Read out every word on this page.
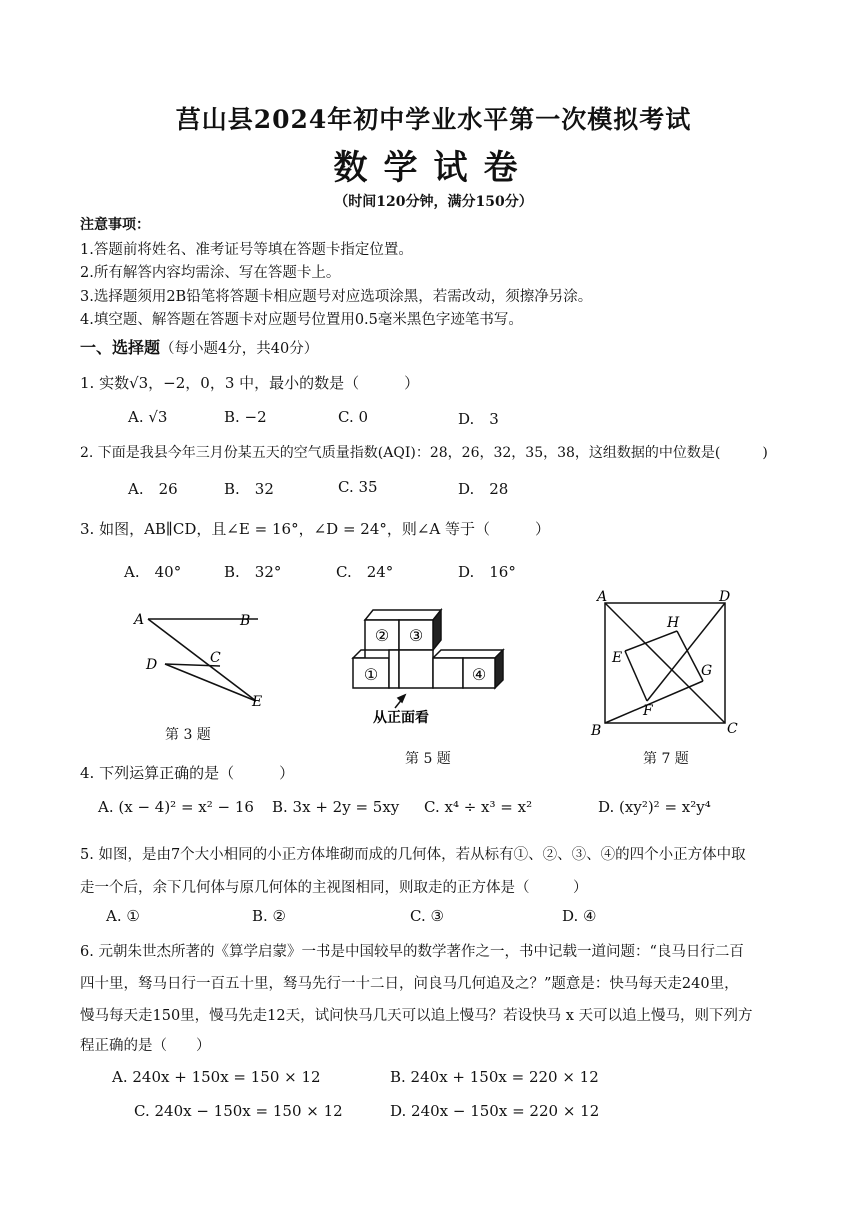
莒山县2024年初中学业水平第一次模拟考试
数学试卷
（时间120分钟，满分150分）
注意事项：
1.答题前将姓名、准考证号等填在答题卡指定位置。
2.所有解答内容均需涂、写在答题卡上。
3.选择题须用2B铅笔将答题卡相应题号对应选项涂黑，若需改动，须擦净另涂。
4.填空题、解答题在答题卡对应题号位置用0.5毫米黑色字迹笔书写。
一、选择题（每小题4分，共40分）
1. 实数√3，−2，0，3 中，最小的数是（　　　）
A. √3	B. −2	C. 0	D.　3
2. 下面是我县今年三月份某五天的空气质量指数(AQI)：28，26，32，35，38，这组数据的中位数是(　　　)
A.　26	B.　32	C. 35	D.　28
3. 如图，AB∥CD，且∠E = 16°，∠D = 24°，则∠A 等于（　　　）
A.　40°	B.　32°	C.　24°	D.　16°
A	B
C
D
E
第 3 题
② ③
①	④
从正面看
第 5 题
A	D
H
E
G
F
B	C
第 7 题
4. 下列运算正确的是（　　　）
A. (x − 4)² = x² − 16 B. 3x + 2y = 5xy C. x⁴ ÷ x³ = x²	D. (xy²)² = x²y⁴
5. 如图，是由7个大小相同的小正方体堆砌而成的几何体，若从标有①、②、③、④的四个小正方体中取
走一个后，余下几何体与原几何体的主视图相同，则取走的正方体是（　　　）
A. ①	B. ②	C. ③	D. ④
6. 元朝朱世杰所著的《算学启蒙》一书是中国较早的数学著作之一，书中记载一道问题：“良马日行二百
四十里，驽马日行一百五十里，驽马先行一十二日，问良马几何追及之？”题意是：快马每天走240里，
慢马每天走150里，慢马先走12天，试问快马几天可以追上慢马？若设快马 x 天可以追上慢马，则下列方
程正确的是（　　）
A. 240x + 150x = 150 × 12	B. 240x + 150x = 220 × 12
C. 240x − 150x = 150 × 12	D. 240x − 150x = 220 × 12
